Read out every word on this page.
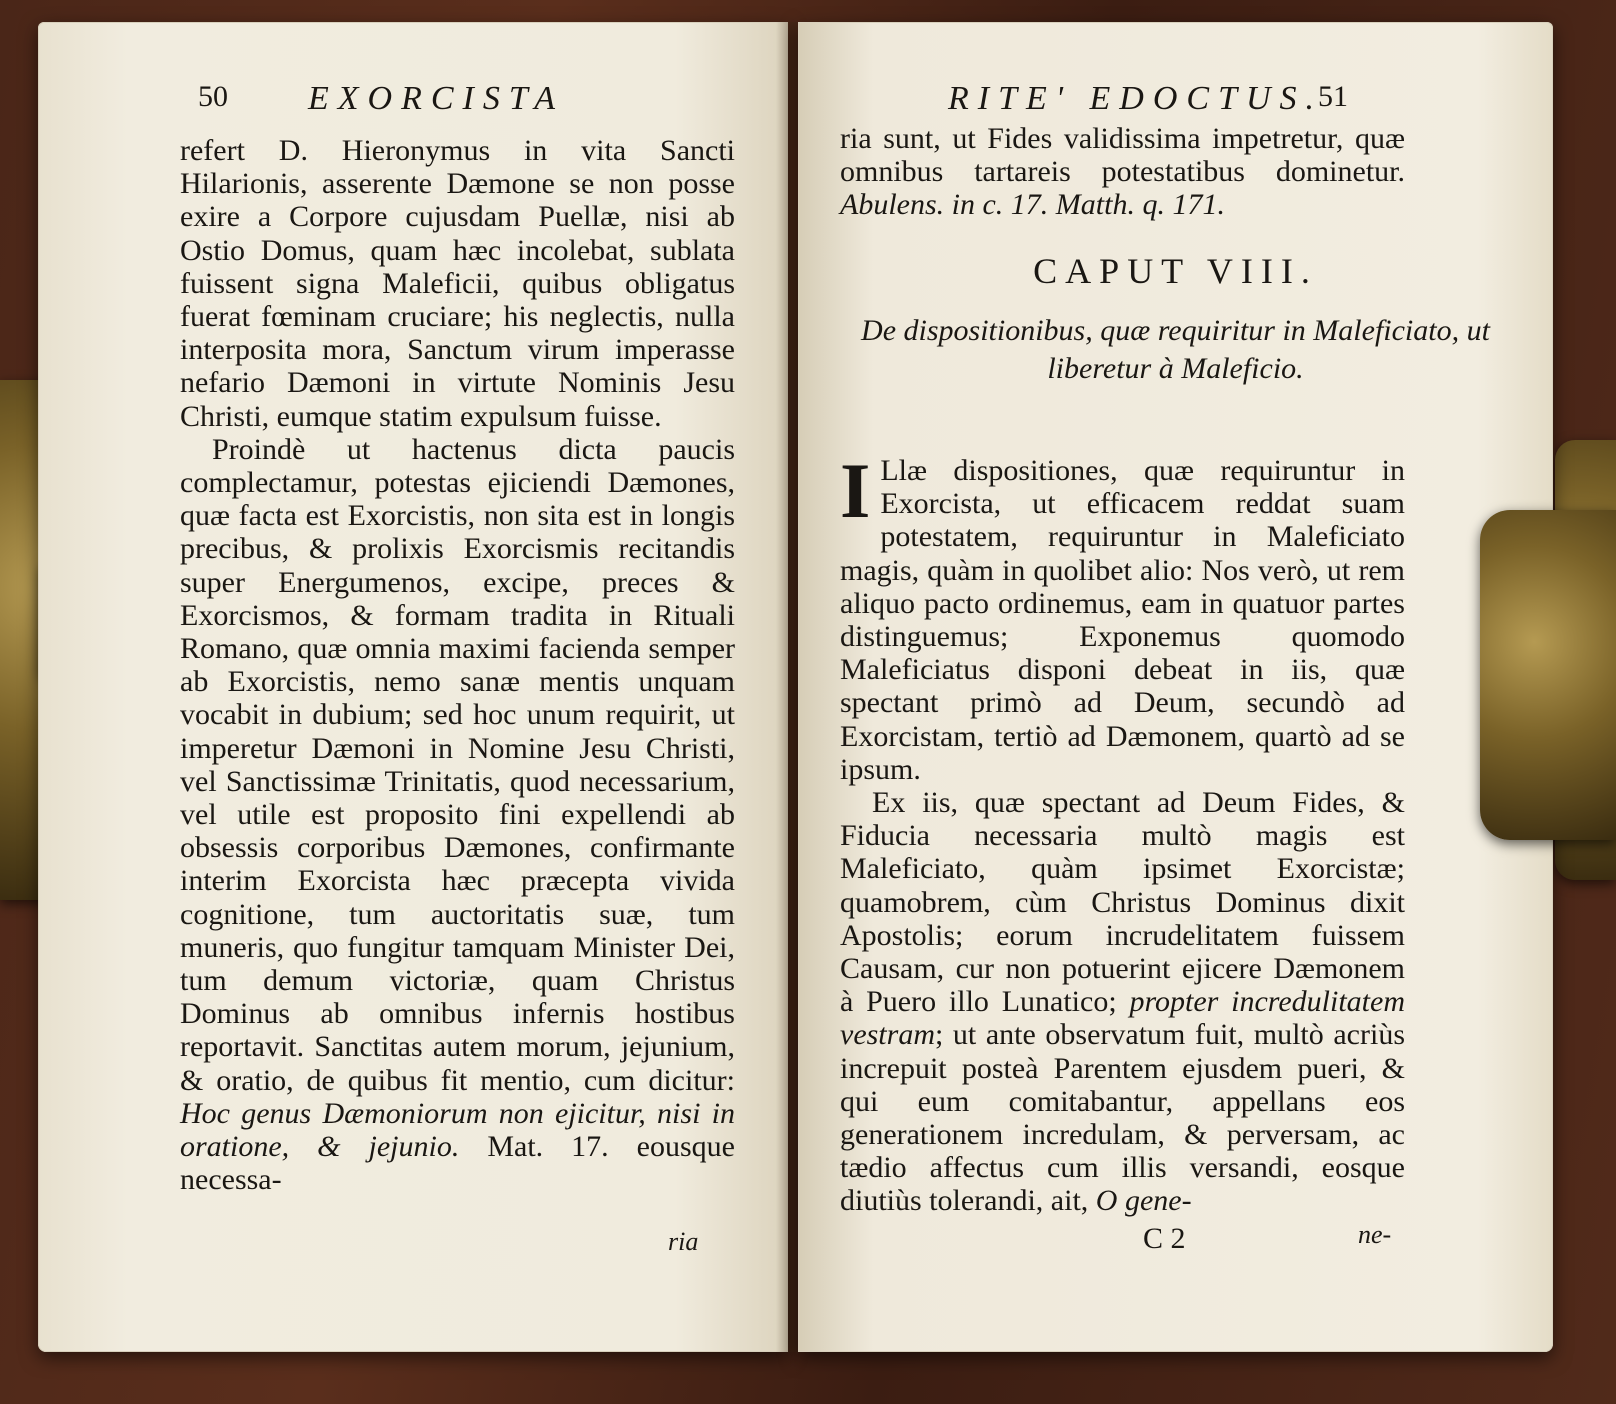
50 EXORCISTA

refert D. Hieronymus in vita Sancti Hilarionis, asserente Dæmone se non posse exire a Corpore cujusdam Puellæ, nisi ab Ostio Domus, quam hæc incolebat, sublata fuissent signa Maleficii, quibus obligatus fuerat fœminam cruciare; his neglectis, nulla interposita mora, Sanctum virum imperasse nefario Dæmoni in virtute Nominis Jesu Christi, eumque statim expulsum fuisse.

Proindè ut hactenus dicta paucis complectamur, potestas ejiciendi Dæmones, quæ facta est Exorcistis, non sita est in longis precibus, & prolixis Exorcismis recitandis super Energumenos, excipe, preces & Exorcismos, & formam tradita in Rituali Romano, quæ omnia maximi facienda semper ab Exorcistis, nemo sanæ mentis unquam vocabit in dubium; sed hoc unum requirit, ut imperetur Dæmoni in Nomine Jesu Christi, vel Sanctissimæ Trinitatis, quod necessarium, vel utile est proposito fini expellendi ab obsessis corporibus Dæmones, confirmante interim Exorcista hæc præcepta vivida cognitione, tum auctoritatis suæ, tum muneris, quo fungitur tamquam Minister Dei, tum demum victoriæ, quam Christus Dominus ab omnibus infernis hostibus reportavit. Sanctitas autem morum, jejunium, & oratio, de quibus fit mentio, cum dicitur: Hoc genus Dæmoniorum non ejicitur, nisi in oratione, & jejunio. Mat. 17. eousque necessa-

ria
RITE' EDOCTUS.
51

ria sunt, ut Fides validissima impetretur, quæ omnibus tartareis potestatibus dominetur. Abulens. in c. 17. Matth. q. 171.

CAPUT VIII.
De dispositionibus, quæ requiritur in Maleficiato, ut liberetur à Maleficio.

I Llæ dispositiones, quæ requiruntur in Exorcista, ut efficacem reddat suam potestatem, requiruntur in Maleficiato magis, quàm in quolibet alio: Nos verò, ut rem aliquo pacto ordinemus, eam in quatuor partes distinguemus; Exponemus quomodo Maleficiatus disponi debeat in iis, quæ spectant primò ad Deum, secundò ad Exorcistam, tertiò ad Dæmonem, quartò ad se ipsum.

Ex iis, quæ spectant ad Deum Fides, & Fiducia necessaria multò magis est Maleficiato, quàm ipsimet Exorcistæ; quamobrem, cùm Christus Dominus dixit Apostolis; eorum incrudelitatem fuissem Causam, cur non potuerint ejicere Dæmonem à Puero illo Lunatico; propter incredulitatem vestram; ut ante observatum fuit, multò acriùs increpuit posteà Parentem ejusdem pueri, & qui eum comitabantur, appellans eos generationem incredulam, & perversam, ac tædio affectus cum illis versandi, eosque diutiùs tolerandi, ait, O gene-

C 2	ne-
